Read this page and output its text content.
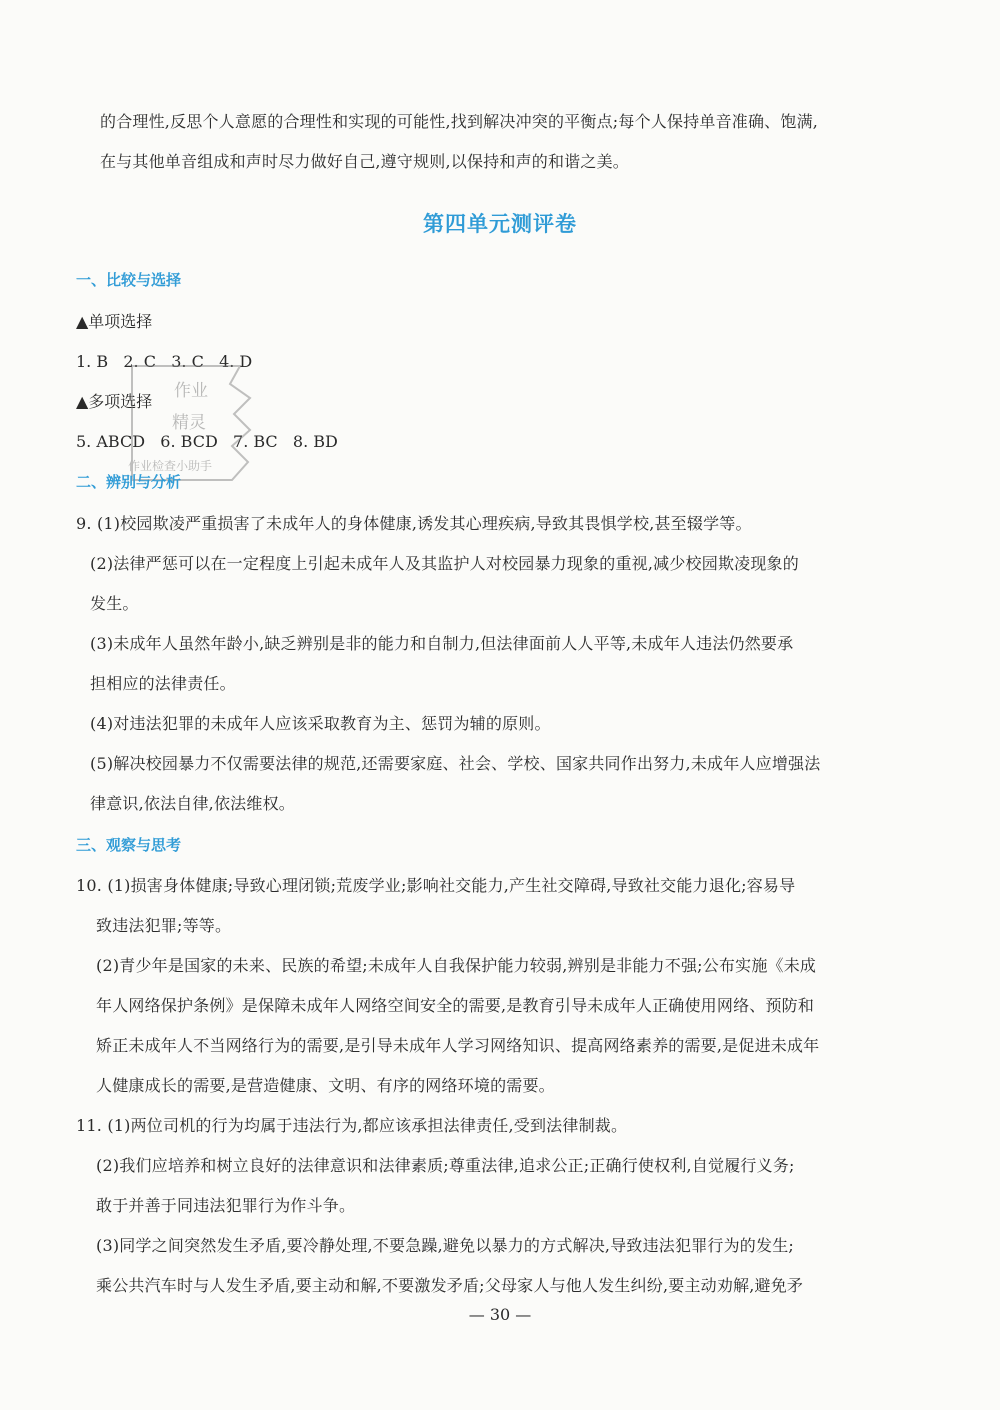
的合理性,反思个人意愿的合理性和实现的可能性,找到解决冲突的平衡点;每个人保持单音准确、饱满,
在与其他单音组成和声时尽力做好自己,遵守规则,以保持和声的和谐之美。
第四单元测评卷
一、比较与选择
▲单项选择
1. B   2. C   3. C   4. D
▲多项选择
5. ABCD   6. BCD   7. BC   8. BD
作业
精灵
作业检查小助手
二、辨别与分析
9. (1)校园欺凌严重损害了未成年人的身体健康,诱发其心理疾病,导致其畏惧学校,甚至辍学等。
(2)法律严惩可以在一定程度上引起未成年人及其监护人对校园暴力现象的重视,减少校园欺凌现象的
发生。
(3)未成年人虽然年龄小,缺乏辨别是非的能力和自制力,但法律面前人人平等,未成年人违法仍然要承
担相应的法律责任。
(4)对违法犯罪的未成年人应该采取教育为主、惩罚为辅的原则。
(5)解决校园暴力不仅需要法律的规范,还需要家庭、社会、学校、国家共同作出努力,未成年人应增强法
律意识,依法自律,依法维权。
三、观察与思考
10. (1)损害身体健康;导致心理闭锁;荒废学业;影响社交能力,产生社交障碍,导致社交能力退化;容易导
致违法犯罪;等等。
(2)青少年是国家的未来、民族的希望;未成年人自我保护能力较弱,辨别是非能力不强;公布实施《未成
年人网络保护条例》是保障未成年人网络空间安全的需要,是教育引导未成年人正确使用网络、预防和
矫正未成年人不当网络行为的需要,是引导未成年人学习网络知识、提高网络素养的需要,是促进未成年
人健康成长的需要,是营造健康、文明、有序的网络环境的需要。
11. (1)两位司机的行为均属于违法行为,都应该承担法律责任,受到法律制裁。
(2)我们应培养和树立良好的法律意识和法律素质;尊重法律,追求公正;正确行使权利,自觉履行义务;
敢于并善于同违法犯罪行为作斗争。
(3)同学之间突然发生矛盾,要冷静处理,不要急躁,避免以暴力的方式解决,导致违法犯罪行为的发生;
乘公共汽车时与人发生矛盾,要主动和解,不要激发矛盾;父母家人与他人发生纠纷,要主动劝解,避免矛
— 30 —
